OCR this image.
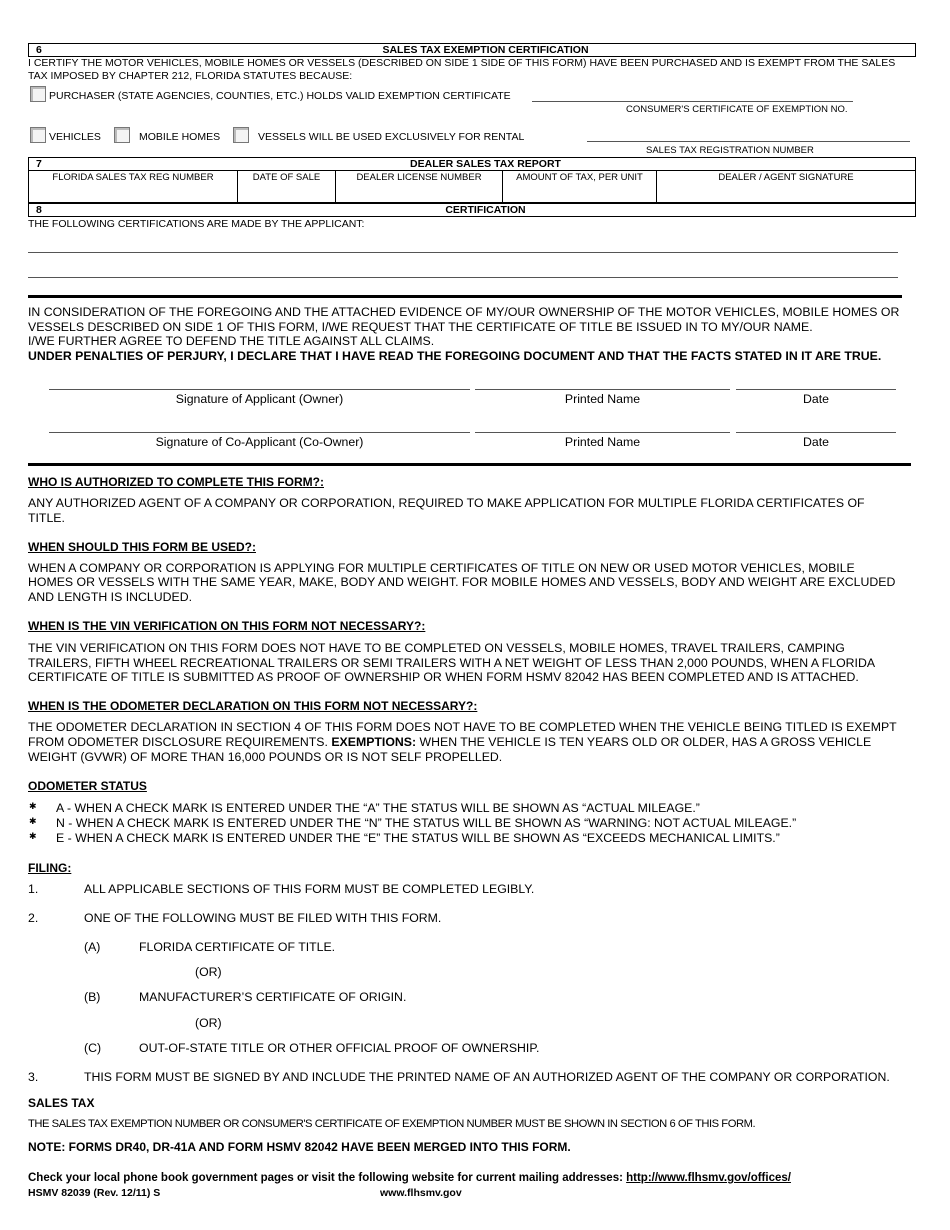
6	SALES TAX EXEMPTION CERTIFICATION
I CERTIFY THE MOTOR VEHICLES, MOBILE HOMES OR VESSELS (DESCRIBED ON SIDE 1 SIDE OF THIS FORM) HAVE BEEN PURCHASED AND IS EXEMPT FROM THE SALES
TAX IMPOSED BY CHAPTER 212, FLORIDA STATUTES BECAUSE:
PURCHASER (STATE AGENCIES, COUNTIES, ETC.) HOLDS VALID EXEMPTION CERTIFICATE
CONSUMER'S CERTIFICATE OF EXEMPTION NO.
VEHICLES	MOBILE HOMES	VESSELS WILL BE USED EXCLUSIVELY FOR RENTAL
SALES TAX REGISTRATION NUMBER
7	DEALER SALES TAX REPORT
FLORIDA SALES TAX REG NUMBER	DATE OF SALE	DEALER LICENSE NUMBER	AMOUNT OF TAX, PER UNIT	DEALER / AGENT SIGNATURE
8	CERTIFICATION
THE FOLLOWING CERTIFICATIONS ARE MADE BY THE APPLICANT:
IN CONSIDERATION OF THE FOREGOING AND THE ATTACHED EVIDENCE OF MY/OUR OWNERSHIP OF THE MOTOR VEHICLES, MOBILE HOMES OR
VESSELS DESCRIBED ON SIDE 1 OF THIS FORM, I/WE REQUEST THAT THE CERTIFICATE OF TITLE BE ISSUED IN TO MY/OUR NAME.
I/WE FURTHER AGREE TO DEFEND THE TITLE AGAINST ALL CLAIMS.
UNDER PENALTIES OF PERJURY, I DECLARE THAT I HAVE READ THE FOREGOING DOCUMENT AND THAT THE FACTS STATED IN IT ARE TRUE.
Signature of Applicant (Owner)	Printed Name	Date
Signature of Co-Applicant (Co-Owner)	Printed Name	Date
WHO IS AUTHORIZED TO COMPLETE THIS FORM?:
ANY AUTHORIZED AGENT OF A COMPANY OR CORPORATION, REQUIRED TO MAKE APPLICATION FOR MULTIPLE FLORIDA CERTIFICATES OF
TITLE.
WHEN SHOULD THIS FORM BE USED?:
WHEN A COMPANY OR CORPORATION IS APPLYING FOR MULTIPLE CERTIFICATES OF TITLE ON NEW OR USED MOTOR VEHICLES, MOBILE
HOMES OR VESSELS WITH THE SAME YEAR, MAKE, BODY AND WEIGHT. FOR MOBILE HOMES AND VESSELS, BODY AND WEIGHT ARE EXCLUDED
AND LENGTH IS INCLUDED.
WHEN IS THE VIN VERIFICATION ON THIS FORM NOT NECESSARY?:
THE VIN VERIFICATION ON THIS FORM DOES NOT HAVE TO BE COMPLETED ON VESSELS, MOBILE HOMES, TRAVEL TRAILERS, CAMPING
TRAILERS, FIFTH WHEEL RECREATIONAL TRAILERS OR SEMI TRAILERS WITH A NET WEIGHT OF LESS THAN 2,000 POUNDS, WHEN A FLORIDA
CERTIFICATE OF TITLE IS SUBMITTED AS PROOF OF OWNERSHIP OR WHEN FORM HSMV 82042 HAS BEEN COMPLETED AND IS ATTACHED.
WHEN IS THE ODOMETER DECLARATION ON THIS FORM NOT NECESSARY?:
THE ODOMETER DECLARATION IN SECTION 4 OF THIS FORM DOES NOT HAVE TO BE COMPLETED WHEN THE VEHICLE BEING TITLED IS EXEMPT
FROM ODOMETER DISCLOSURE REQUIREMENTS. EXEMPTIONS: WHEN THE VEHICLE IS TEN YEARS OLD OR OLDER, HAS A GROSS VEHICLE
WEIGHT (GVWR) OF MORE THAN 16,000 POUNDS OR IS NOT SELF PROPELLED.
ODOMETER STATUS
✱ A - WHEN A CHECK MARK IS ENTERED UNDER THE “A” THE STATUS WILL BE SHOWN AS “ACTUAL MILEAGE.”
✱ N - WHEN A CHECK MARK IS ENTERED UNDER THE “N” THE STATUS WILL BE SHOWN AS “WARNING: NOT ACTUAL MILEAGE.”
✱ E - WHEN A CHECK MARK IS ENTERED UNDER THE “E” THE STATUS WILL BE SHOWN AS “EXCEEDS MECHANICAL LIMITS.”
FILING:
1.	ALL APPLICABLE SECTIONS OF THIS FORM MUST BE COMPLETED LEGIBLY.
2.	ONE OF THE FOLLOWING MUST BE FILED WITH THIS FORM.
(A)	FLORIDA CERTIFICATE OF TITLE.
(OR)
(B)	MANUFACTURER’S CERTIFICATE OF ORIGIN.
(OR)
(C)	OUT-OF-STATE TITLE OR OTHER OFFICIAL PROOF OF OWNERSHIP.
3.	THIS FORM MUST BE SIGNED BY AND INCLUDE THE PRINTED NAME OF AN AUTHORIZED AGENT OF THE COMPANY OR CORPORATION.
SALES TAX
THE SALES TAX EXEMPTION NUMBER OR CONSUMER'S CERTIFICATE OF EXEMPTION NUMBER MUST BE SHOWN IN SECTION 6 OF THIS FORM.
NOTE: FORMS DR40, DR-41A AND FORM HSMV 82042 HAVE BEEN MERGED INTO THIS FORM.
Check your local phone book government pages or visit the following website for current mailing addresses: http://www.flhsmv.gov/offices/
HSMV 82039 (Rev. 12/11) S	www.flhsmv.gov
